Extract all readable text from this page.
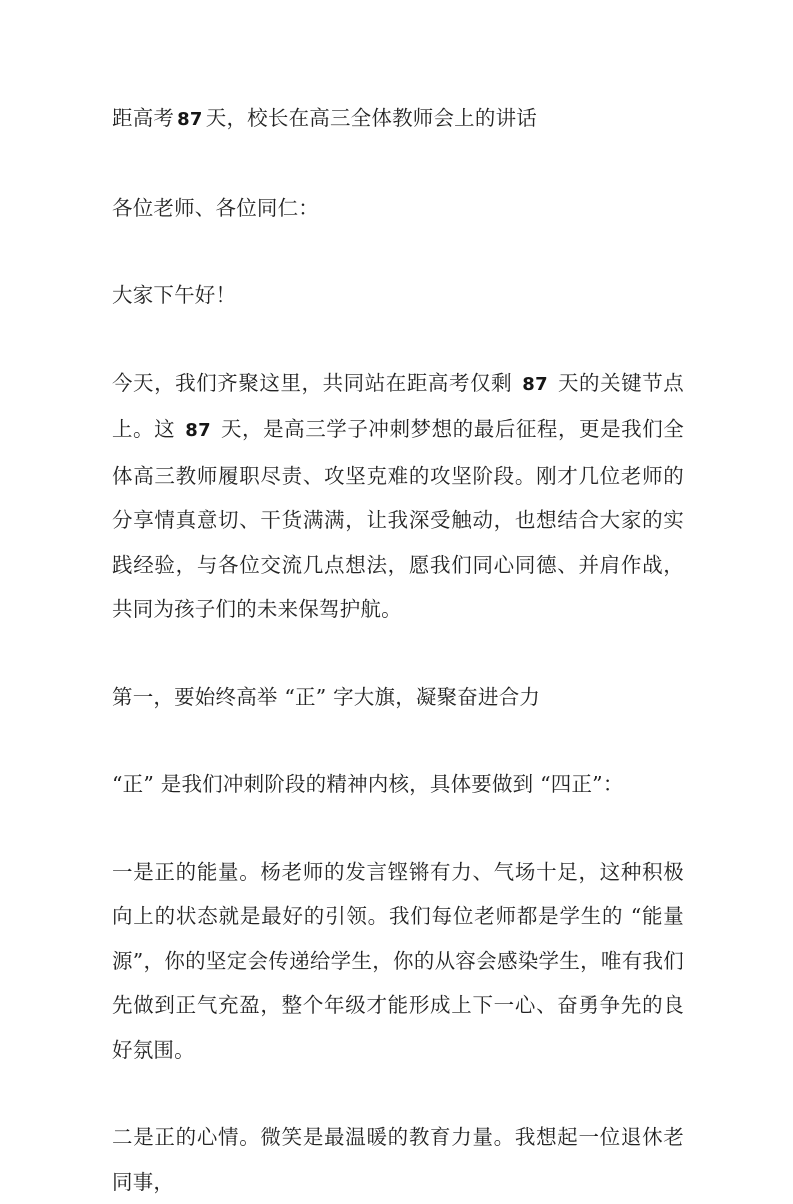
距高考 87 天，校长在高三全体教师会上的讲话

各位老师、各位同仁：

大家下午好！

今天，我们齐聚这里，共同站在距高考仅剩 87 天的关键节点上。这 87 天，是高三学子冲刺梦想的最后征程，更是我们全体高三教师履职尽责、攻坚克难的攻坚阶段。刚才几位老师的分享情真意切、干货满满，让我深受触动，也想结合大家的实践经验，与各位交流几点想法，愿我们同心同德、并肩作战，共同为孩子们的未来保驾护航。

第一，要始终高举 “正” 字大旗，凝聚奋进合力

“正” 是我们冲刺阶段的精神内核，具体要做到 “四正”：

一是正的能量。杨老师的发言铿锵有力、气场十足，这种积极向上的状态就是最好的引领。我们每位老师都是学生的 “能量源”，你的坚定会传递给学生，你的从容会感染学生，唯有我们先做到正气充盈，整个年级才能形成上下一心、奋勇争先的良好氛围。

二是正的心情。微笑是最温暖的教育力量。我想起一位退休老同事，
